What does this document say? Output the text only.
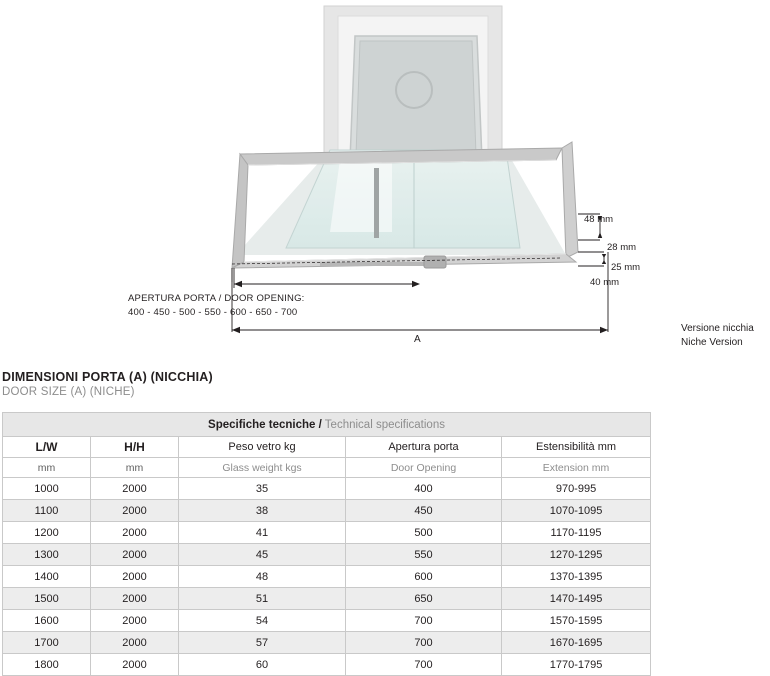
48 mm
28 mm
25 mm
40 mm
APERTURA PORTA / DOOR OPENING:
400 - 450 - 500 - 550 - 600 - 650 - 700
A
Versione nicchia
Niche Version

DIMENSIONI PORTA (A) (NICCHIA)

DOOR SIZE (A) (NICHE)

Specifiche tecniche / Technical specifications				
L/W	H/H	Peso vetro kg	Apertura porta	Estensibilità mm
mm	mm	Glass weight kgs	Door Opening	Extension mm
1000	2000	35	400	970-995
1100	2000	38	450	1070-1095
1200	2000	41	500	1170-1195
1300	2000	45	550	1270-1295
1400	2000	48	600	1370-1395
1500	2000	51	650	1470-1495
1600	2000	54	700	1570-1595
1700	2000	57	700	1670-1695
1800	2000	60	700	1770-1795
